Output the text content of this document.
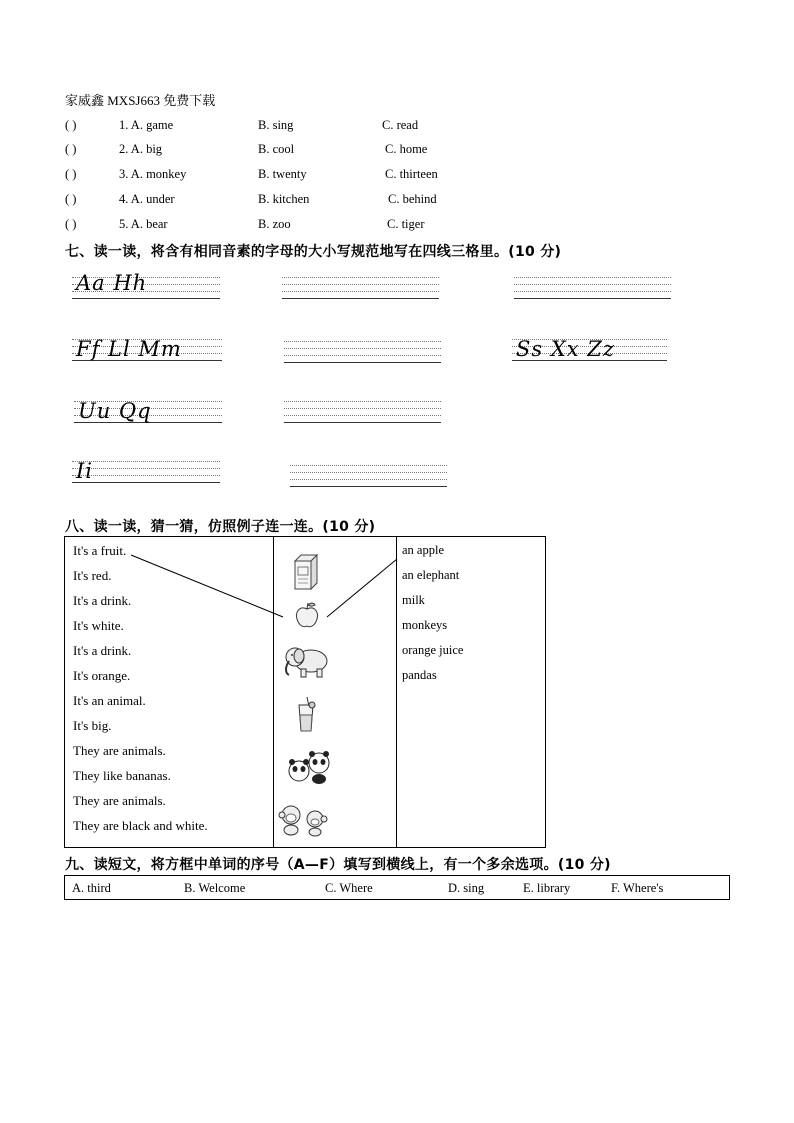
家威鑫 MXSJ663 免费下载
( )	1. A. game	B. sing	C. read
( )	2. A. big	B. cool	C. home
( )	3. A. monkey	B. twenty	C. thirteen
( )	4. A. under	B. kitchen	C. behind
( )	5. A. bear	B. zoo	C. tiger
七、读一读，将含有相同音素的字母的大小写规范地写在四线三格里。(10 分)
Aa Hh
Ff Ll Mm	Ss Xx Zz
Uu Qq
Ii
八、读一读，猜一猜，仿照例子连一连。(10 分)
It's a fruit.
It's red.
It's a drink.
It's white.
It's a drink.
It's orange.
It's an animal.
It's big.
They are animals.
They like bananas.
They are animals.
They are black and white.
an apple
an elephant
milk
monkeys
orange juice
pandas
九、读短文，将方框中单词的序号（A—F）填写到横线上，有一个多余选项。(10 分)
A. third	B. Welcome	C. Where	D. sing	E. library	F. Where's
